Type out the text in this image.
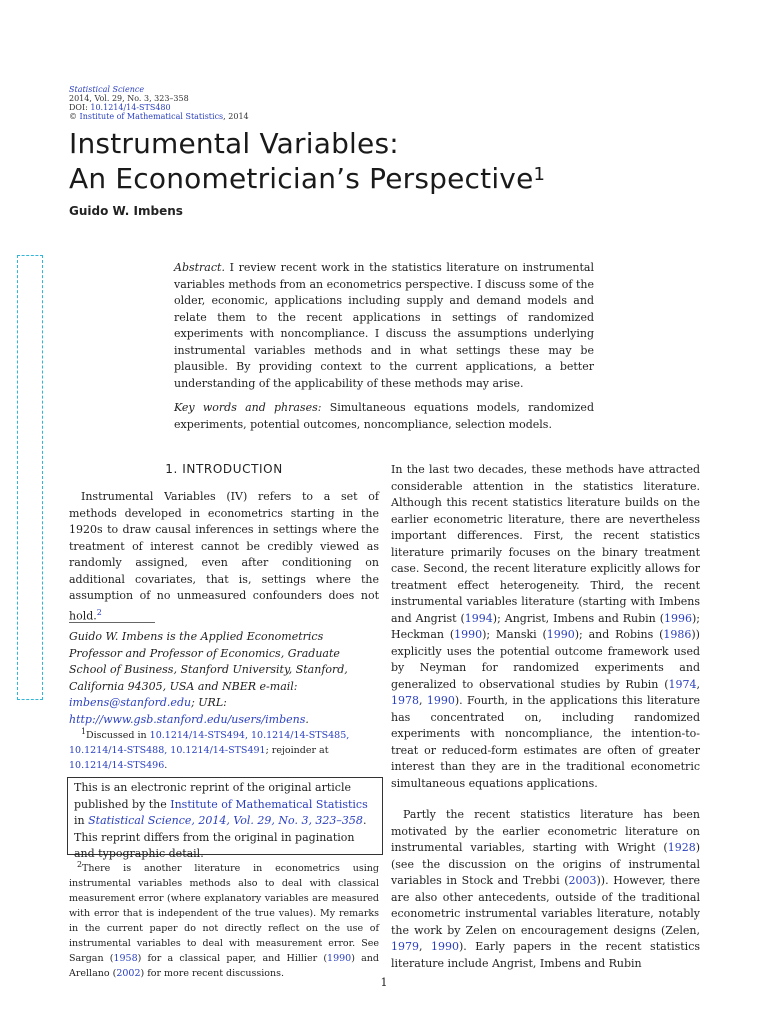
Statistical Science
2014, Vol. 29, No. 3, 323–358
DOI: 10.1214/14-STS480
© Institute of Mathematical Statistics, 2014
Instrumental Variables:
An Econometrician’s Perspective$^1$
Guido W. Imbens
Abstract. I review recent work in the statistics literature on instrumental variables methods from an econometrics perspective. I discuss some of the older, economic, applications including supply and demand models and relate them to the recent applications in settings of randomized experiments with noncompliance. I discuss the assumptions underlying instrumental variables methods and in what settings these may be plausible. By providing context to the current applications, a better understanding of the applicability of these methods may arise.
Key words and phrases: Simultaneous equations models, randomized experiments, potential outcomes, noncompliance, selection models.
1. INTRODUCTION
Instrumental Variables (IV) refers to a set of methods developed in econometrics starting in the 1920s to draw causal inferences in settings where the treatment of interest cannot be credibly viewed as randomly assigned, even after conditioning on additional covariates, that is, settings where the assumption of no unmeasured confounders does not hold.$^2$
Guido W. Imbens is the Applied Econometrics Professor and Professor of Economics, Graduate School of Business, Stanford University, Stanford, California 94305, USA and NBER e-mail:
imbens@stanford.edu; URL:
http://www.gsb.stanford.edu/users/imbens.
$^1$Discussed in 10.1214/14-STS494, 10.1214/14-STS485, 10.1214/14-STS488, 10.1214/14-STS491; rejoinder at 10.1214/14-STS496.
This is an electronic reprint of the original article published by the Institute of Mathematical Statistics in Statistical Science, 2014, Vol. 29, No. 3, 323–358. This reprint differs from the original in pagination and typographic detail.
$^2$There is another literature in econometrics using instrumental variables methods also to deal with classical measurement error (where explanatory variables are measured with error that is independent of the true values). My remarks in the current paper do not directly reflect on the use of instrumental variables to deal with measurement error. See Sargan (1958) for a classical paper, and Hillier (1990) and Arellano (2002) for more recent discussions.
In the last two decades, these methods have attracted considerable attention in the statistics literature. Although this recent statistics literature builds on the earlier econometric literature, there are nevertheless important differences. First, the recent statistics literature primarily focuses on the binary treatment case. Second, the recent literature explicitly allows for treatment effect heterogeneity. Third, the recent instrumental variables literature (starting with Imbens and Angrist (1994); Angrist, Imbens and Rubin (1996); Heckman (1990); Manski (1990); and Robins (1986)) explicitly uses the potential outcome framework used by Neyman for randomized experiments and generalized to observational studies by Rubin (1974, 1978, 1990). Fourth, in the applications this literature has concentrated on, including randomized experiments with noncompliance, the intention-to-treat or reduced-form estimates are often of greater interest than they are in the traditional econometric simultaneous equations applications.
Partly the recent statistics literature has been motivated by the earlier econometric literature on instrumental variables, starting with Wright (1928) (see the discussion on the origins of instrumental variables in Stock and Trebbi (2003)). However, there are also other antecedents, outside of the traditional econometric instrumental variables literature, notably the work by Zelen on encouragement designs (Zelen, 1979, 1990). Early papers in the recent statistics literature include Angrist, Imbens and Rubin
1
